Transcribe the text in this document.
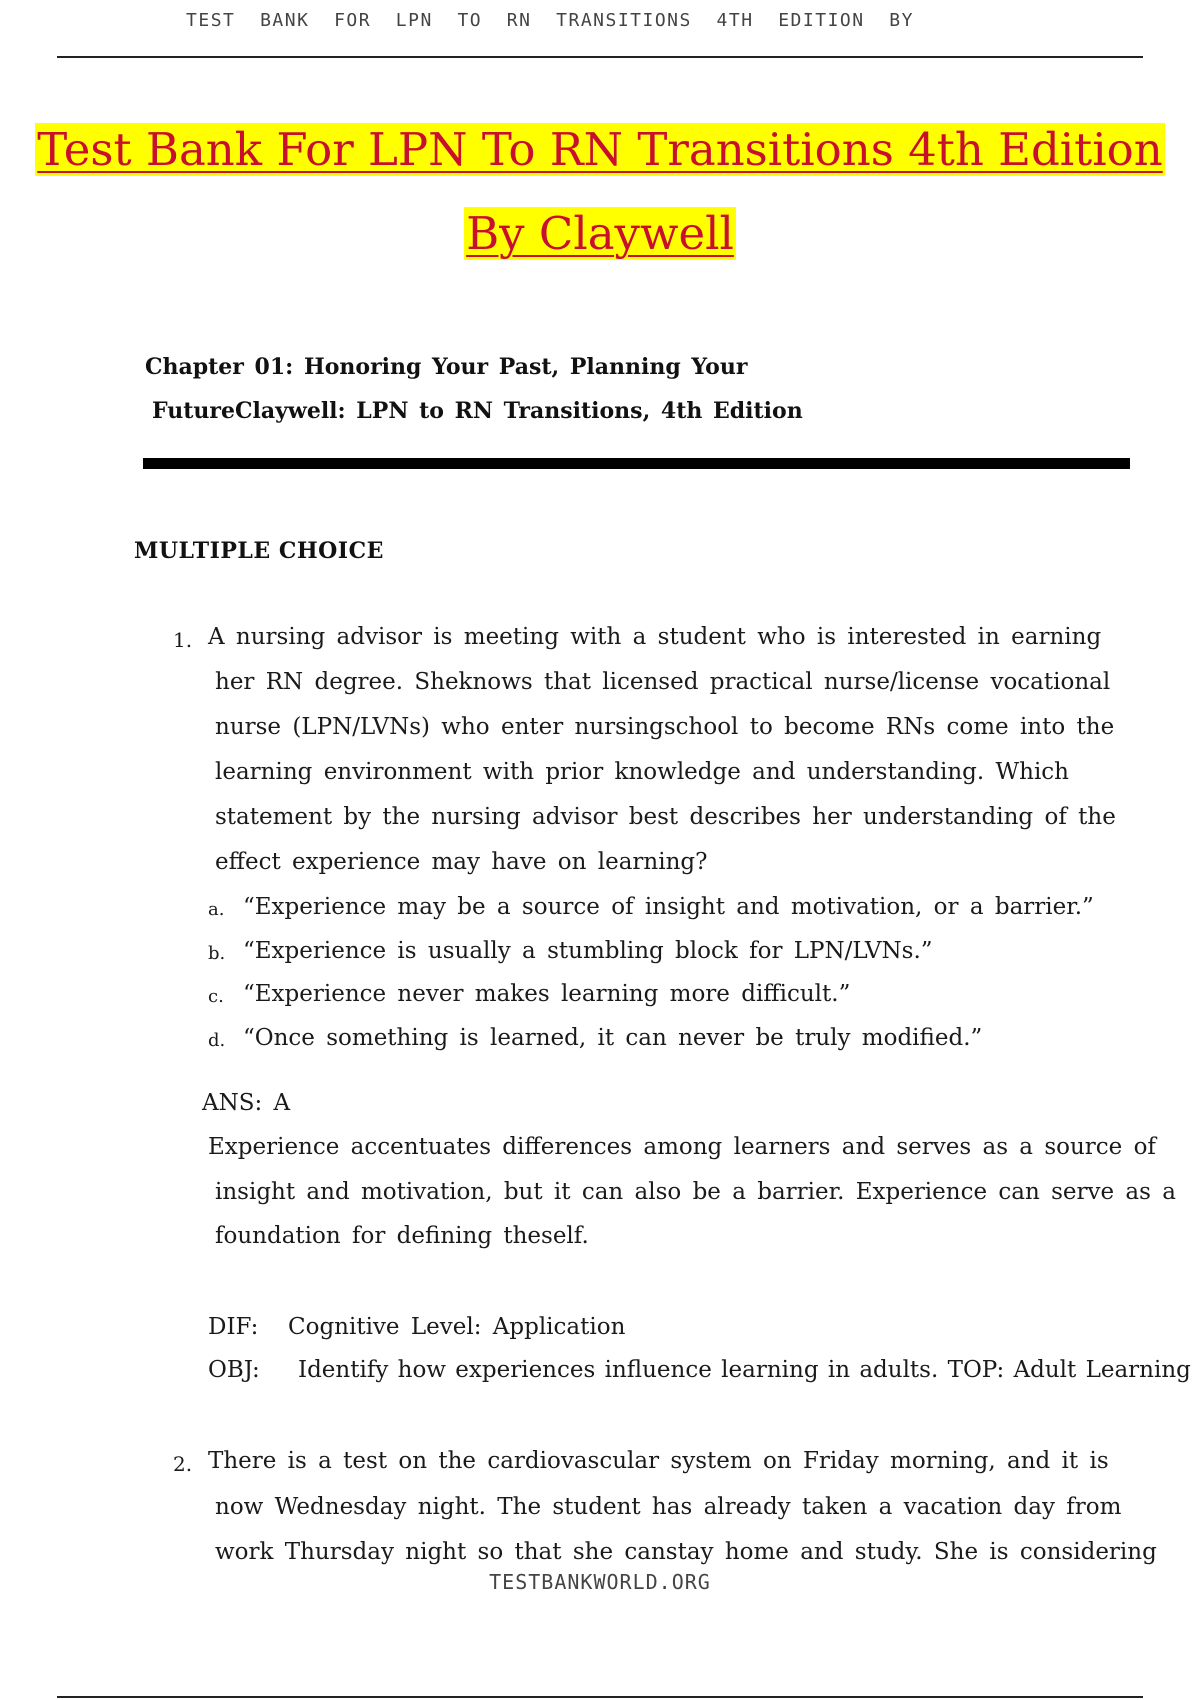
TEST  BANK  FOR  LPN  TO  RN  TRANSITIONS  4TH  EDITION  BY
Test Bank For LPN To RN Transitions 4th Edition
By Claywell
Chapter 01: Honoring Your Past, Planning Your
FutureClaywell: LPN to RN Transitions, 4th Edition
MULTIPLE CHOICE
1. A nursing advisor is meeting with a student who is interested in earning
her RN degree. Sheknows that licensed practical nurse/license vocational
nurse (LPN/LVNs) who enter nursingschool to become RNs come into the
learning environment with prior knowledge and understanding. Which
statement by the nursing advisor best describes her understanding of the
effect experience may have on learning?
a. “Experience may be a source of insight and motivation, or a barrier.”
b. “Experience is usually a stumbling block for LPN/LVNs.”
c. “Experience never makes learning more difficult.”
d. “Once something is learned, it can never be truly modified.”
ANS: A
Experience accentuates differences among learners and serves as a source of
insight and motivation, but it can also be a barrier. Experience can serve as a
foundation for defining theself.
DIF: Cognitive Level: Application
OBJ: Identify how experiences influence learning in adults. TOP: Adult Learning
2. There is a test on the cardiovascular system on Friday morning, and it is
now Wednesday night. The student has already taken a vacation day from
work Thursday night so that she canstay home and study. She is considering
TESTBANKWORLD.ORG
